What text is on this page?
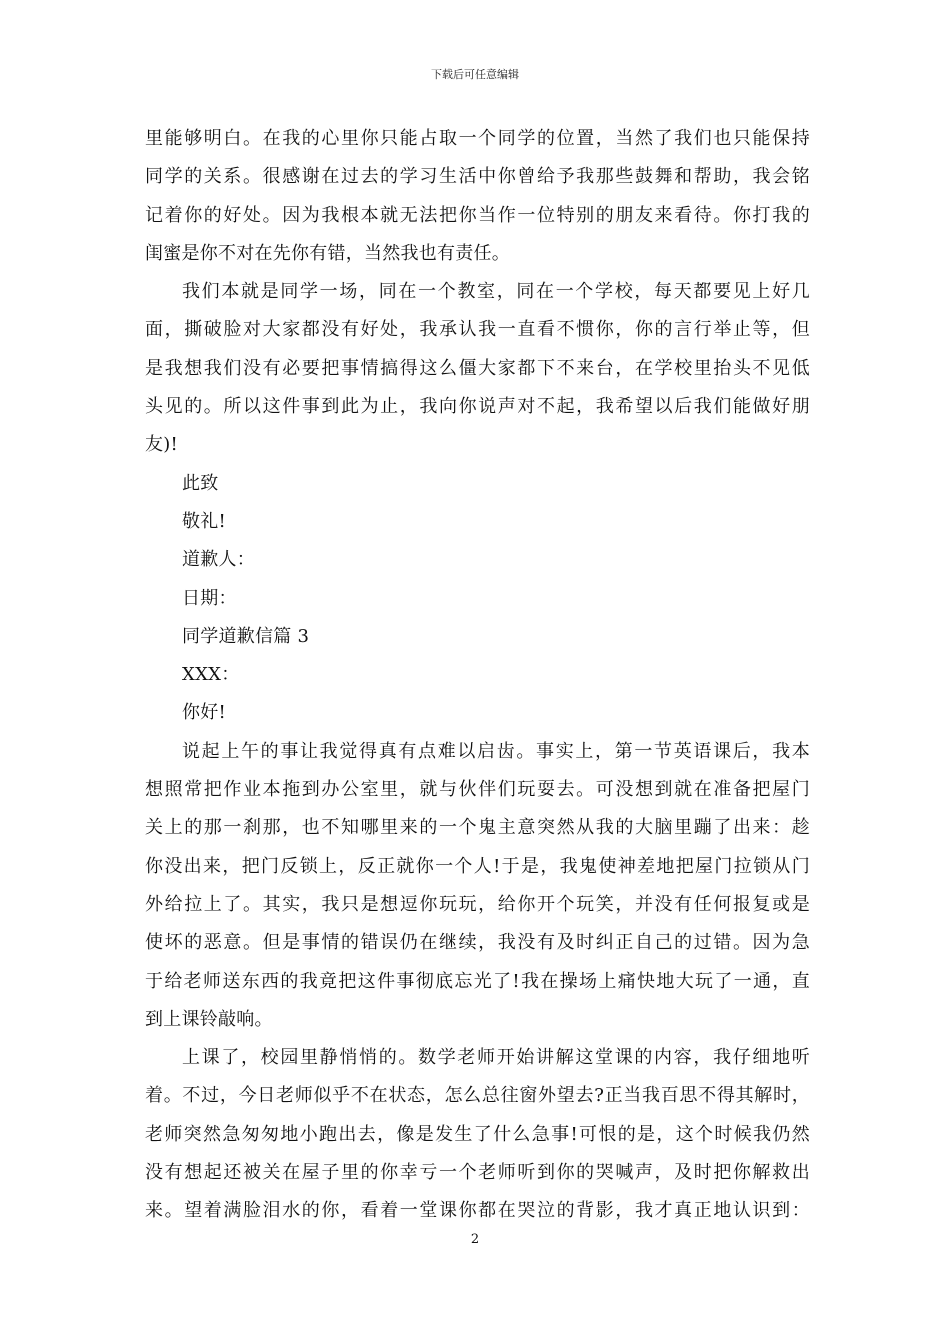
下载后可任意编辑
里能够明白。在我的心里你只能占取一个同学的位置，当然了我们也只能保持
同学的关系。很感谢在过去的学习生活中你曾给予我那些鼓舞和帮助，我会铭
记着你的好处。因为我根本就无法把你当作一位特别的朋友来看待。你打我的
闺蜜是你不对在先你有错，当然我也有责任。
我们本就是同学一场，同在一个教室，同在一个学校，每天都要见上好几
面，撕破脸对大家都没有好处，我承认我一直看不惯你，你的言行举止等，但
是我想我们没有必要把事情搞得这么僵大家都下不来台，在学校里抬头不见低
头见的。所以这件事到此为止，我向你说声对不起，我希望以后我们能做好朋
友)!
此致
敬礼!
道歉人：
日期：
同学道歉信篇 3
XXX：
你好!
说起上午的事让我觉得真有点难以启齿。事实上，第一节英语课后，我本
想照常把作业本拖到办公室里，就与伙伴们玩耍去。可没想到就在准备把屋门
关上的那一刹那，也不知哪里来的一个鬼主意突然从我的大脑里蹦了出来：趁
你没出来，把门反锁上，反正就你一个人!于是，我鬼使神差地把屋门拉锁从门
外给拉上了。其实，我只是想逗你玩玩，给你开个玩笑，并没有任何报复或是
使坏的恶意。但是事情的错误仍在继续，我没有及时纠正自己的过错。因为急
于给老师送东西的我竟把这件事彻底忘光了!我在操场上痛快地大玩了一通，直
到上课铃敲响。
上课了，校园里静悄悄的。数学老师开始讲解这堂课的内容，我仔细地听
着。不过，今日老师似乎不在状态，怎么总往窗外望去?正当我百思不得其解时，
老师突然急匆匆地小跑出去，像是发生了什么急事!可恨的是，这个时候我仍然
没有想起还被关在屋子里的你幸亏一个老师听到你的哭喊声，及时把你解救出
来。望着满脸泪水的你，看着一堂课你都在哭泣的背影，我才真正地认识到：
2
